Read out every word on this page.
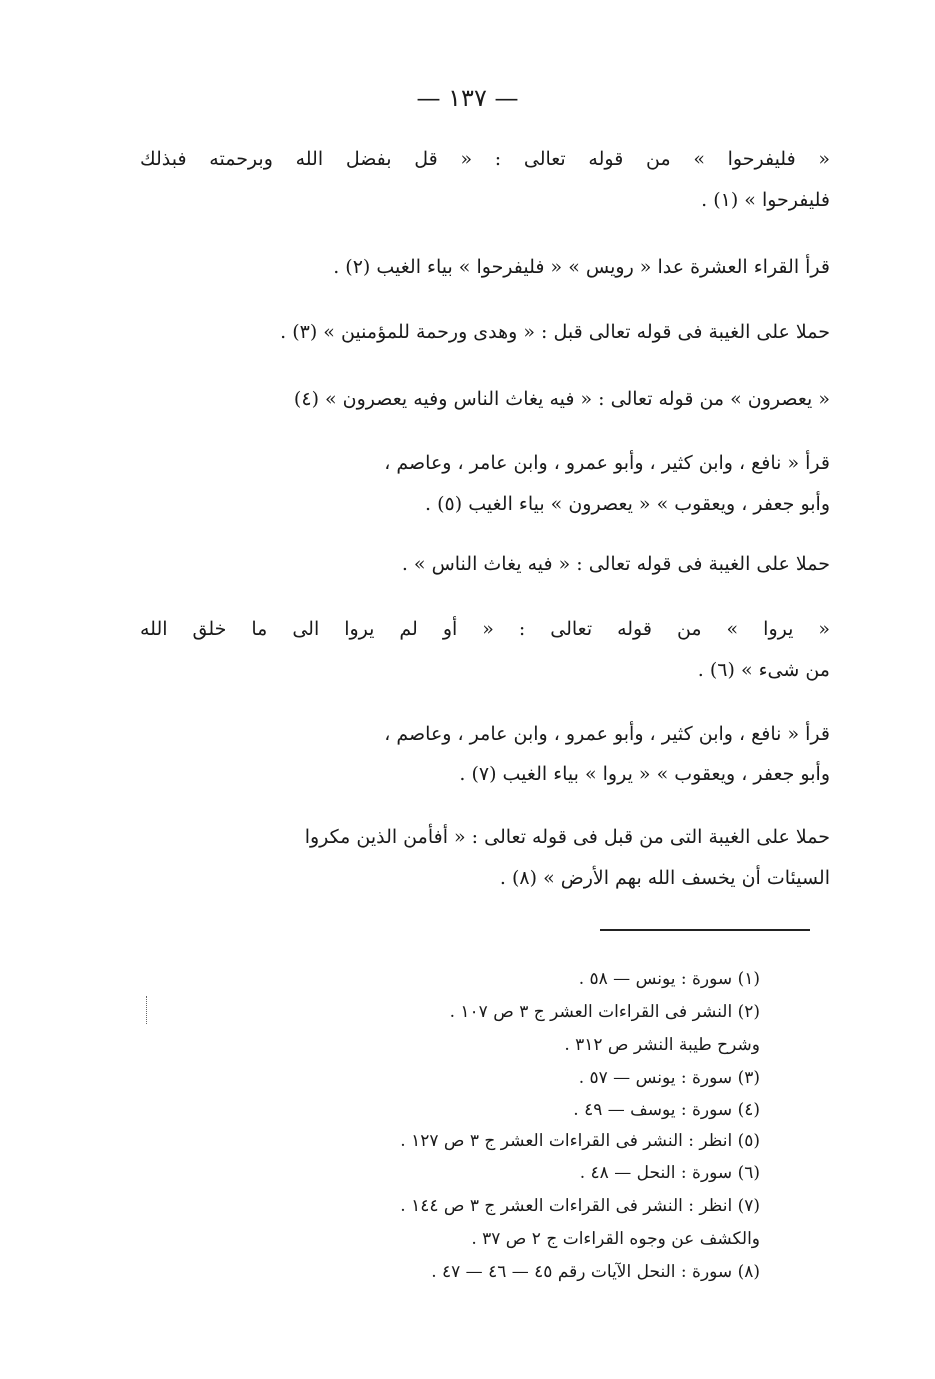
— ١٣٧ —
« فليفرحوا » من قوله تعالى : « قل بفضل الله وبرحمته فبذلك
فليفرحوا » (١) .
قرأ القراء العشرة عدا « رويس » « فليفرحوا » بياء الغيب (٢) .
حملا على الغيبة فى قوله تعالى قبل : « وهدى ورحمة للمؤمنين » (٣) .
« يعصرون » من قوله تعالى : « فيه يغاث الناس وفيه يعصرون » (٤)
قرأ « نافع ، وابن كثير ، وأبو عمرو ، وابن عامر ، وعاصم ،
وأبو جعفر ، ويعقوب » « يعصرون » بياء الغيب (٥) .
حملا على الغيبة فى قوله تعالى : « فيه يغاث الناس » .
« يروا » من قوله تعالى : « أو لم يروا الى ما خلق الله
من شىء » (٦) .
قرأ « نافع ، وابن كثير ، وأبو عمرو ، وابن عامر ، وعاصم ،
وأبو جعفر ، ويعقوب » « يروا » بياء الغيب (٧) .
حملا على الغيبة التى من قبل فى قوله تعالى : « أفأمن الذين مكروا
السيئات أن يخسف الله بهم الأرض » (٨) .
(١) سورة : يونس — ٥٨ .
(٢) النشر فى القراءات العشر ج ٣ ص ١٠٧ .
وشرح طيبة النشر ص ٣١٢ .
(٣) سورة : يونس — ٥٧ .
(٤) سورة : يوسف — ٤٩ .
(٥) انظر : النشر فى القراءات العشر ج ٣ ص ١٢٧ .
(٦) سورة : النحل — ٤٨ .
(٧) انظر : النشر فى القراءات العشر ج ٣ ص ١٤٤ .
والكشف عن وجوه القراءات ج ٢ ص ٣٧ .
(٨) سورة : النحل الآيات رقم ٤٥ — ٤٦ — ٤٧ .
